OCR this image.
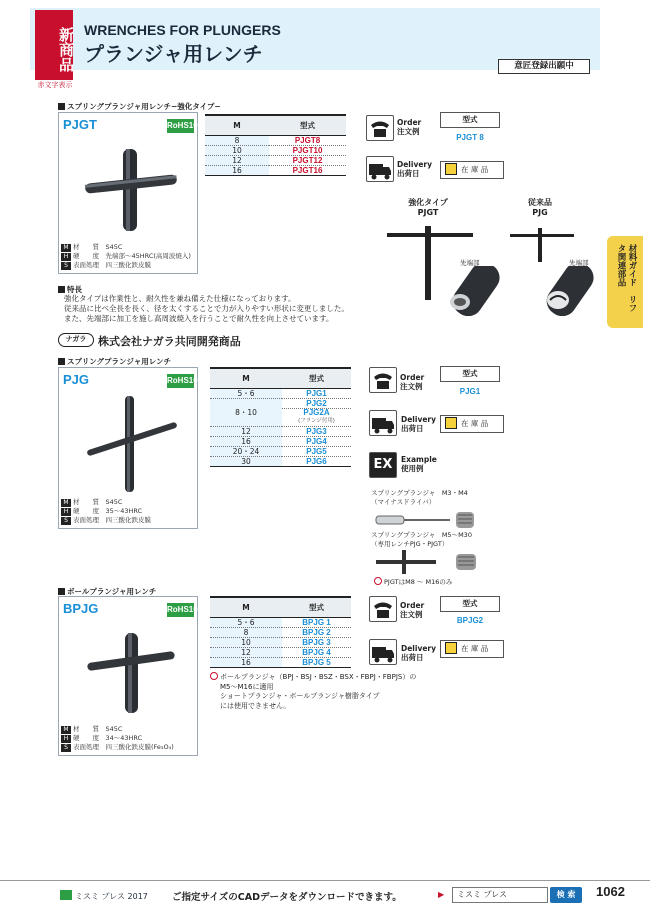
新商品
赤文字表示
WRENCHES FOR PLUNGERS
プランジャ用レンチ	意匠登録出願中
材料ガイド　リフタ関連部品
スプリングプランジャ用レンチ−強化タイプ−
PJGT	RoHS10
M 材　　質　 S45C
H 硬　　度　 先端部〜45HRC(高周波焼入)
S 表面処理　 四三酸化鉄皮膜
M	型式
8	PJGT8
10	PJGT10
12	PJGT12
16	PJGT16
Order
注文例
型式
PJGT 8
Delivery
出荷日	在 庫 品
強化タイプ
PJGT
従来品
PJG
先端部	先端部
特長
強化タイプは作業性と、耐久性を兼ね備えた仕様になっております。
従来品に比べ全長を長く、径を太くすることで力が入りやすい形状に変更しました。
また、先端部に加工を施し高周波焼入を行うことで耐久性を向上させています。
ナガラ	株式会社ナガラ共同開発商品
スプリングプランジャ用レンチ
PJG	RoHS10
M 材　　質　 S45C
H 硬　　度　 35〜43HRC
S 表面処理　 四三酸化鉄皮膜
M	型式
5・6	PJG1
8・10	PJG2

	PJG2A
(フランジ付用)

12	PJG3
16	PJG4
20・24	PJG5
30	PJG6
Order
注文例
型式
PJG1
Delivery
出荷日
在 庫 品
EX	Example
使用例
スプリングプランジャ　 M3・M4
（マイナスドライバ）
スプリングプランジャ　 M5〜M30
（専用レンチPJG・PJGT）
PJGTはM8 〜 M16のみ
ボールプランジャ用レンチ
BPJG	RoHS10
M 材　　質　 S45C
H 硬　　度　 34〜43HRC
S 表面処理　 四三酸化鉄皮膜(Fe₃O₄)
M	型式
5・6	BPJG 1
8	BPJG 2
10	BPJG 3
12	BPJG 4
16	BPJG 5
ボールプランジャ（BPJ・BSJ・BSZ・BSX・FBPJ・FBPJS）の
M5〜M16に適用
ショートプランジャ・ボールプランジャ樹脂タイプ
には使用できません。
Order
注文例
型式
BPJG2
Delivery
出荷日
在 庫 品
ミスミ プレス 2017	ご指定サイズのCADデータをダウンロードできます。	▶	ミスミ プレス	検 索	1062
